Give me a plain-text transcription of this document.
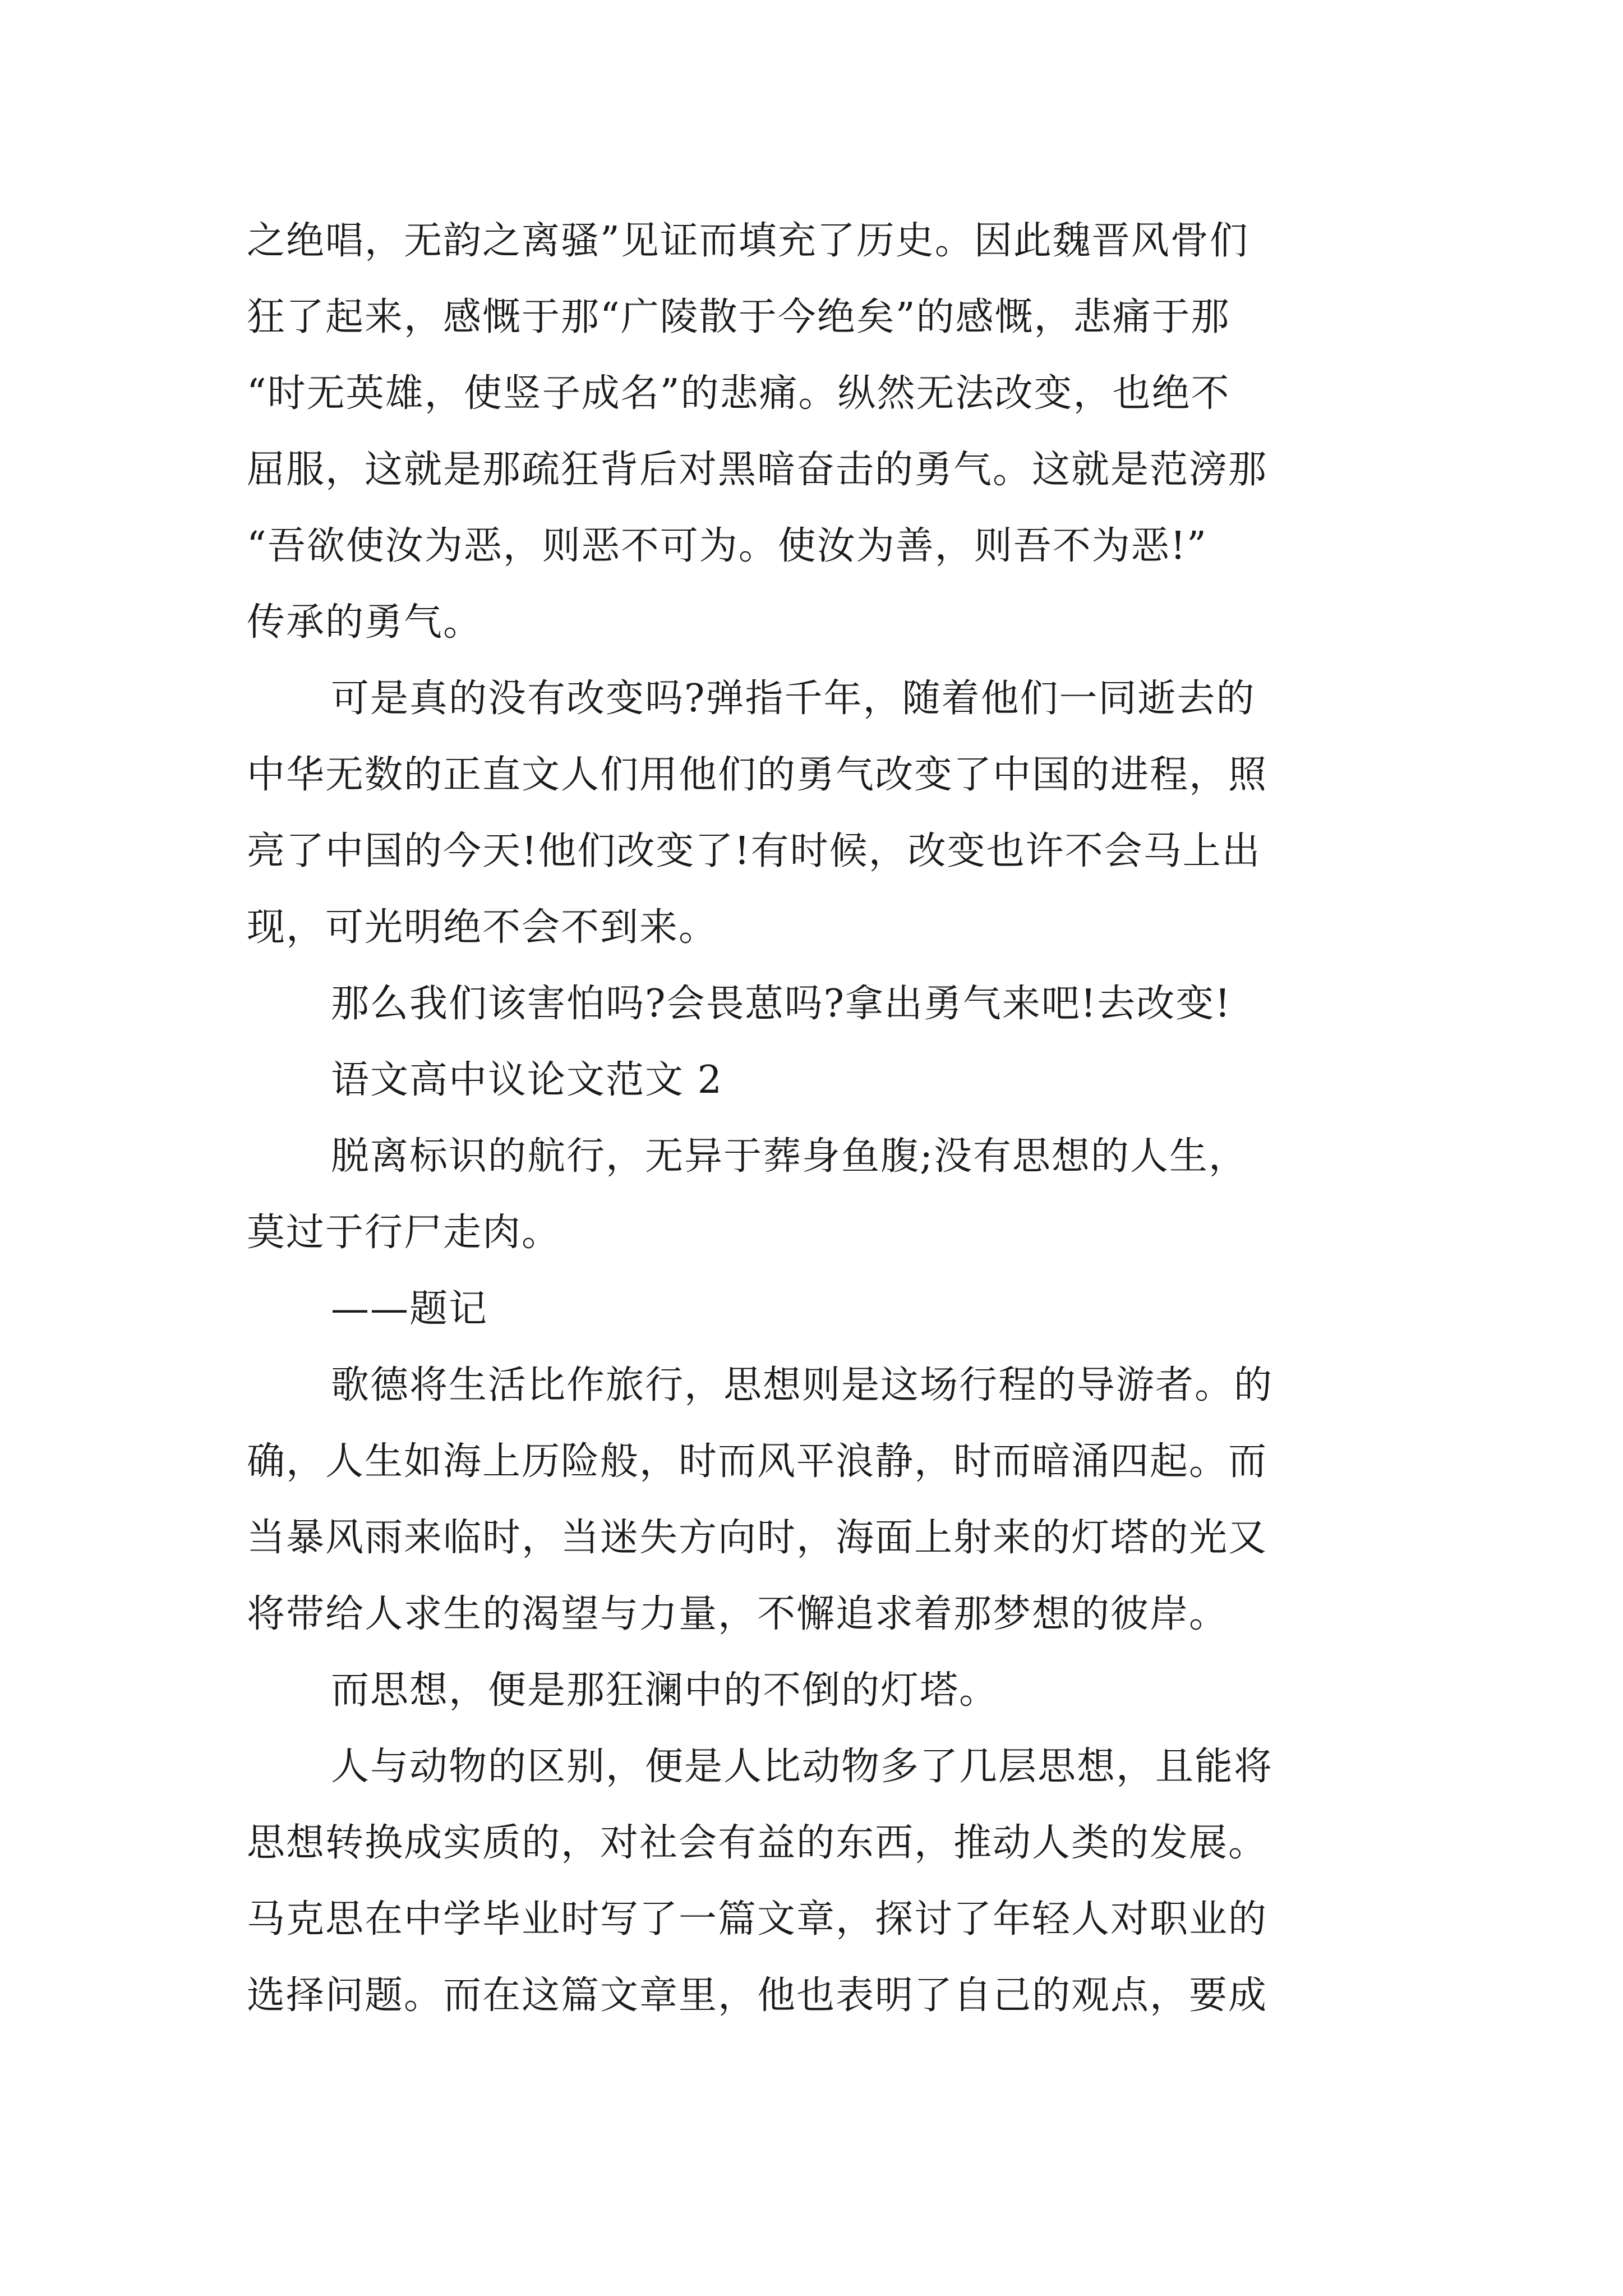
之绝唱，无韵之离骚”见证而填充了历史。因此魏晋风骨们
狂了起来，感慨于那“广陵散于今绝矣”的感慨，悲痛于那
“时无英雄，使竖子成名”的悲痛。纵然无法改变，也绝不
屈服，这就是那疏狂背后对黑暗奋击的勇气。这就是范滂那
“吾欲使汝为恶，则恶不可为。使汝为善，则吾不为恶!”
传承的勇气。
可是真的没有改变吗?弹指千年，随着他们一同逝去的
中华无数的正直文人们用他们的勇气改变了中国的进程，照
亮了中国的今天!他们改变了!有时候，改变也许不会马上出
现，可光明绝不会不到来。
那么我们该害怕吗?会畏葸吗?拿出勇气来吧!去改变!
语文高中议论文范文 2
脱离标识的航行，无异于葬身鱼腹;没有思想的人生，
莫过于行尸走肉。
——题记
歌德将生活比作旅行，思想则是这场行程的导游者。的
确，人生如海上历险般，时而风平浪静，时而暗涌四起。而
当暴风雨来临时，当迷失方向时，海面上射来的灯塔的光又
将带给人求生的渴望与力量，不懈追求着那梦想的彼岸。
而思想，便是那狂澜中的不倒的灯塔。
人与动物的区别，便是人比动物多了几层思想，且能将
思想转换成实质的，对社会有益的东西，推动人类的发展。
马克思在中学毕业时写了一篇文章，探讨了年轻人对职业的
选择问题。而在这篇文章里，他也表明了自己的观点，要成
